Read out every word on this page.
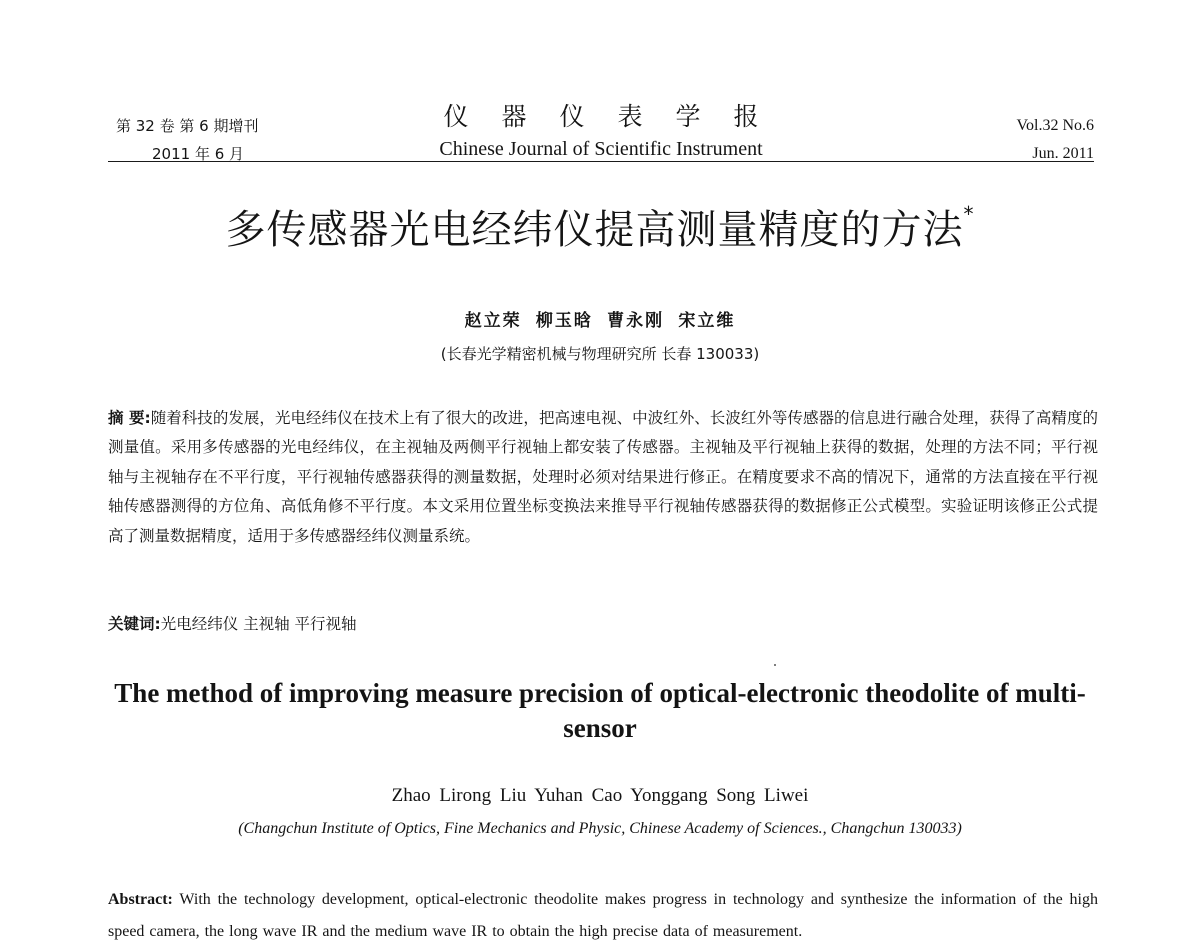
第 32 卷 第 6 期增刊
2011 年 6 月
仪器仪表学报
Chinese Journal of Scientific Instrument
Vol.32 No.6
Jun. 2011
多传感器光电经纬仪提高测量精度的方法*
赵立荣 柳玉晗 曹永刚 宋立维
(长春光学精密机械与物理研究所 长春 130033)

摘 要:随着科技的发展，光电经纬仪在技术上有了很大的改进，把高速电视、中波红外、长波红外等传感器的信息进行融合处理，获得了高精度的测量值。采用多传感器的光电经纬仪，在主视轴及两侧平行视轴上都安装了传感器。主视轴及平行视轴上获得的数据，处理的方法不同；平行视轴与主视轴存在不平行度，平行视轴传感器获得的测量数据，处理时必须对结果进行修正。在精度要求不高的情况下，通常的方法直接在平行视轴传感器测得的方位角、高低角修不平行度。本文采用位置坐标变换法来推导平行视轴传感器获得的数据修正公式模型。实验证明该修正公式提高了测量数据精度，适用于多传感器经纬仪测量系统。

关键词:光电经纬仪 主视轴 平行视轴
The method of improving measure precision of optical-electronic theodolite of multi-sensor
Zhao Lirong Liu Yuhan Cao Yonggang Song Liwei
(Changchun Institute of Optics, Fine Mechanics and Physic, Chinese Academy of Sciences., Changchun 130033)

Abstract: With the technology development, optical-electronic theodolite makes progress in technology and synthesize the information of the high speed camera, the long wave IR and the medium wave IR to obtain the high precise data of measurement.
